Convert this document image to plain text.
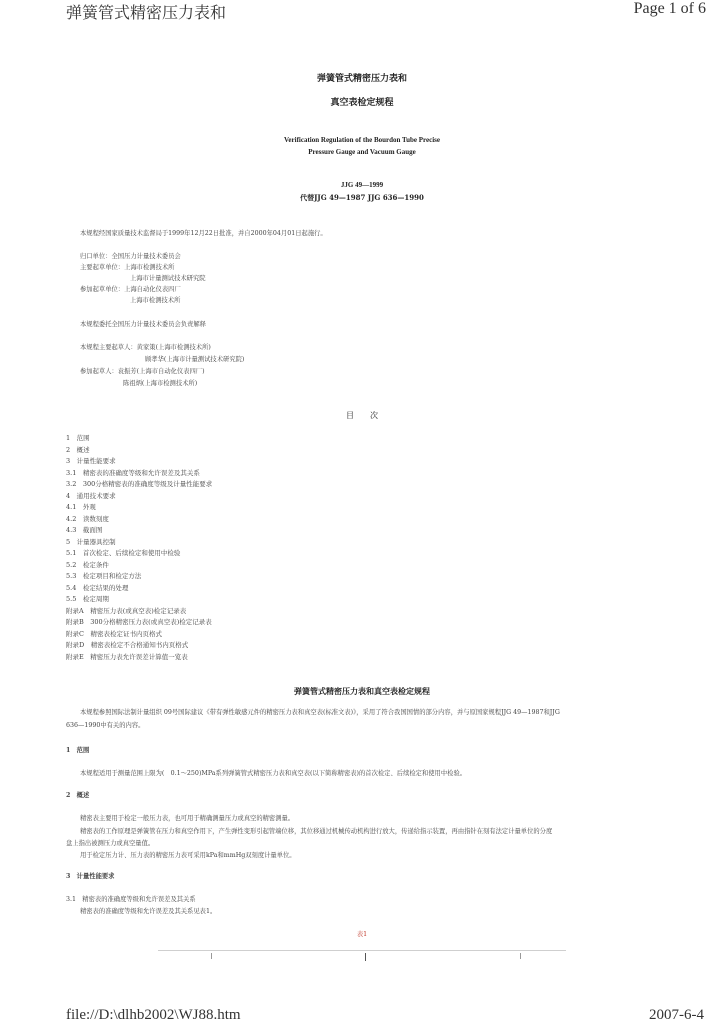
弹簧管式精密压力表和	Page 1 of 6
弹簧管式精密压力表和
真空表检定规程
Verification Regulation of the Bourdon Tube Precise
Pressure Gauge and Vacuum Gauge
JJG 49—1999
代替JJG 49—1987 JJG 636—1990
本规程经国家质量技术监督局于1999年12月22日批准，并自2000年04月01日起施行。
归口单位：全国压力计量技术委员会
主要起草单位：上海市检测技术所
上海市计量测试技术研究院
参加起草单位：上海自动化仪表四厂
上海市检测技术所
本规程委托全国压力计量技术委员会负责解释
本规程主要起草人：黄家策(上海市检测技术所)
顾孝华(上海市计量测试技术研究院)
参加起草人：袁振芳(上海市自动化仪表四厂)
陈祖炳(上海市检测技术所)
目　　次
1　范围
2　概述
3　计量性能要求
3.1　精密表的准确度等级和允许误差及其关系
3.2　300分格精密表的准确度等级及计量性能要求
4　通用技术要求
4.1　外观
4.2　读数刻度
4.3　截面图
5　计量器具控制
5.1　首次检定、后续检定和使用中检验
5.2　检定条件
5.3　检定项目和检定方法
5.4　检定结果的处理
5.5　检定周期
附录A　精密压力表(或真空表)检定记录表
附录B　300分格精密压力表(或真空表)检定记录表
附录C　精密表检定证书内页格式
附录D　精密表检定不合格通知书内页格式
附录E　精密压力表允许误差计算值一览表
弹簧管式精密压力表和真空表检定规程
本规程参照国际法制计量组织 09号国际建议《带有弹性敏感元件的精密压力表和真空表(标准文表)》，采用了符合我国国情的部分内容，并与原国家规程JJG 49—1987和JJG
636—1990中有关的内容。
1　范围
本规程适用于测量范围上限为(　0.1～250)MPa系列弹簧管式精密压力表和真空表(以下简称精密表)的首次检定、后续检定和使用中检验。
2　概述
精密表主要用于检定一般压力表，也可用于精确测量压力或真空的精密测量。
精密表的工作原理是弹簧管在压力和真空作用下，产生弹性变形引起管端位移，其位移通过机械传动机构进行放大，传递给指示装置，再由指针在刻有法定计量单位的分度
盘上指出被测压力或真空量值。
用于检定压力计、压力表的精密压力表可采用kPa和mmHg双刻度计量单位。
3　计量性能要求
3.1　精密表的准确度等级和允许误差及其关系
精密表的准确度等级和允许误差及其关系见表1。
表1
file://D:\dlhb2002\WJ88.htm	2007-6-4
